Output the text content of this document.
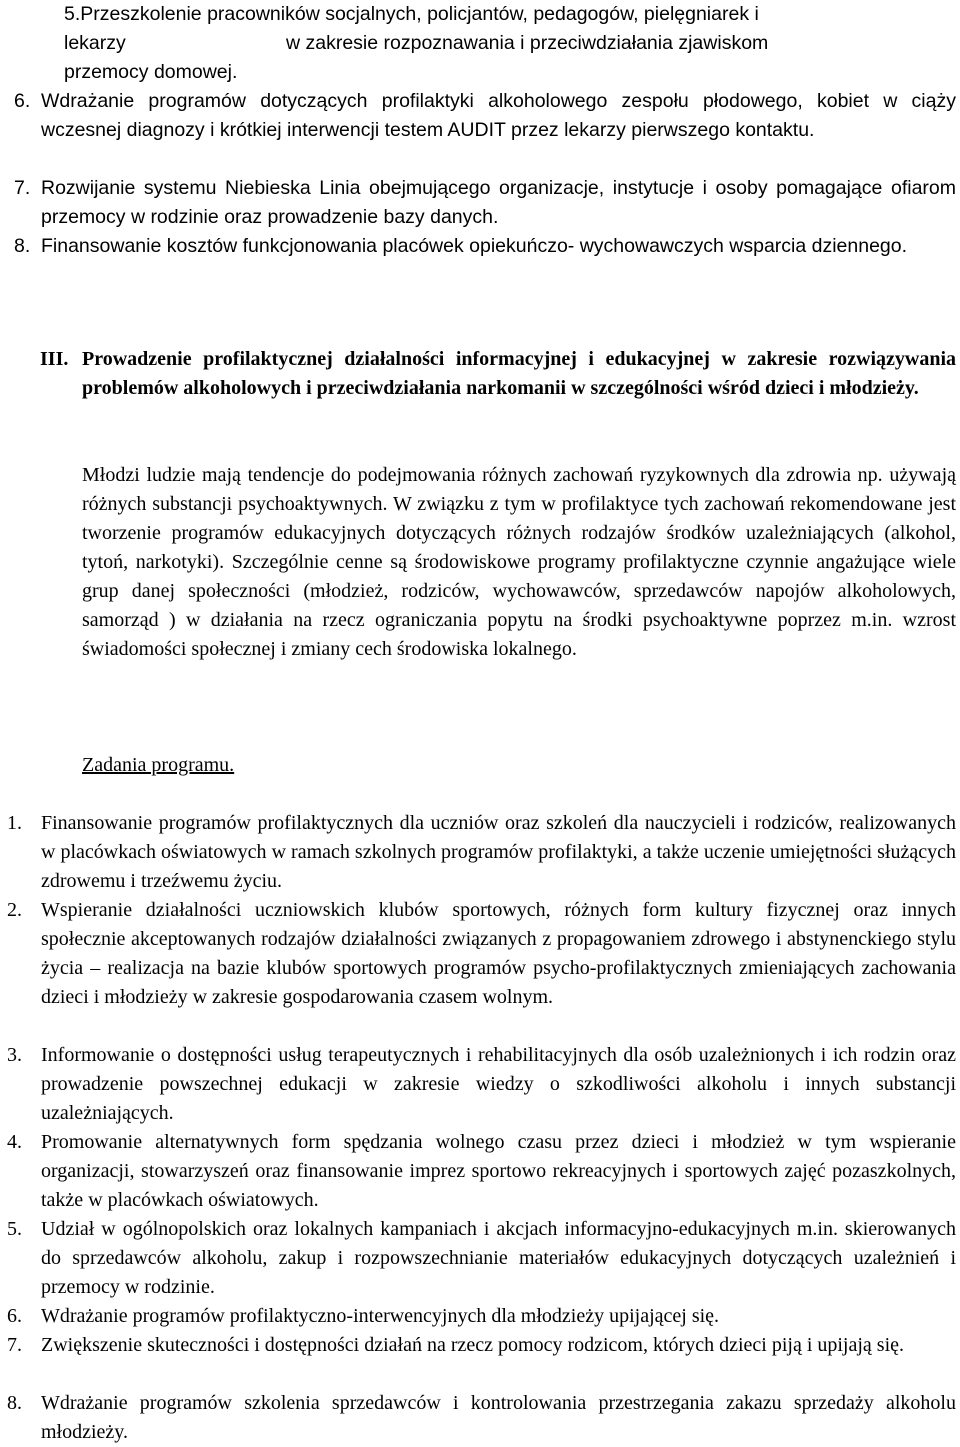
5.Przeszkolenie pracowników socjalnych, policjantów, pedagogów, pielęgniarek i
lekarzy	w zakresie rozpoznawania i przeciwdziałania zjawiskom
przemocy domowej.
6. Wdrażanie programów dotyczących profilaktyki alkoholowego zespołu płodowego, kobiet w ciąży wczesnej diagnozy i krótkiej interwencji testem AUDIT przez lekarzy pierwszego kontaktu.
7. Rozwijanie systemu Niebieska Linia obejmującego organizacje, instytucje i osoby pomagające ofiarom przemocy w rodzinie oraz prowadzenie bazy danych.
8. Finansowanie kosztów funkcjonowania placówek opiekuńczo- wychowawczych wsparcia dziennego.
III. Prowadzenie profilaktycznej działalności informacyjnej i edukacyjnej w zakresie rozwiązywania problemów alkoholowych i przeciwdziałania narkomanii w szczególności wśród dzieci i młodzieży.
Młodzi ludzie mają tendencje do podejmowania różnych zachowań ryzykownych dla zdrowia np. używają różnych substancji psychoaktywnych. W związku z tym w profilaktyce tych zachowań rekomendowane jest tworzenie programów edukacyjnych dotyczących różnych rodzajów środków uzależniających (alkohol, tytoń, narkotyki). Szczególnie cenne są środowiskowe programy profilaktyczne czynnie angażujące wiele grup danej społeczności (młodzież, rodziców, wychowawców, sprzedawców napojów alkoholowych, samorząd ) w działania na rzecz ograniczania popytu na środki psychoaktywne poprzez m.in. wzrost świadomości społecznej i zmiany cech środowiska lokalnego.
Zadania programu.
1. Finansowanie programów profilaktycznych dla uczniów oraz szkoleń dla nauczycieli i rodziców, realizowanych w placówkach oświatowych w ramach szkolnych programów profilaktyki, a także uczenie umiejętności służących zdrowemu i trzeźwemu życiu.
2. Wspieranie działalności uczniowskich klubów sportowych, różnych form kultury fizycznej oraz innych społecznie akceptowanych rodzajów działalności związanych z propagowaniem zdrowego i abstynenckiego stylu życia – realizacja na bazie klubów sportowych programów psycho-profilaktycznych zmieniających zachowania dzieci i młodzieży w zakresie gospodarowania czasem wolnym.
3. Informowanie o dostępności usług terapeutycznych i rehabilitacyjnych dla osób uzależnionych i ich rodzin oraz prowadzenie powszechnej edukacji w zakresie wiedzy o szkodliwości alkoholu i innych substancji uzależniających.
4. Promowanie alternatywnych form spędzania wolnego czasu przez dzieci i młodzież w tym wspieranie organizacji, stowarzyszeń oraz finansowanie imprez sportowo rekreacyjnych i sportowych zajęć pozaszkolnych, także w placówkach oświatowych.
5. Udział w ogólnopolskich oraz lokalnych kampaniach i akcjach informacyjno-edukacyjnych m.in. skierowanych do sprzedawców alkoholu, zakup i rozpowszechnianie materiałów edukacyjnych dotyczących uzależnień i przemocy w rodzinie.
6. Wdrażanie programów profilaktyczno-interwencyjnych dla młodzieży upijającej się.
7. Zwiększenie skuteczności i dostępności działań na rzecz pomocy rodzicom, których dzieci piją i upijają się.
8. Wdrażanie programów szkolenia sprzedawców i kontrolowania przestrzegania zakazu sprzedaży alkoholu młodzieży.
